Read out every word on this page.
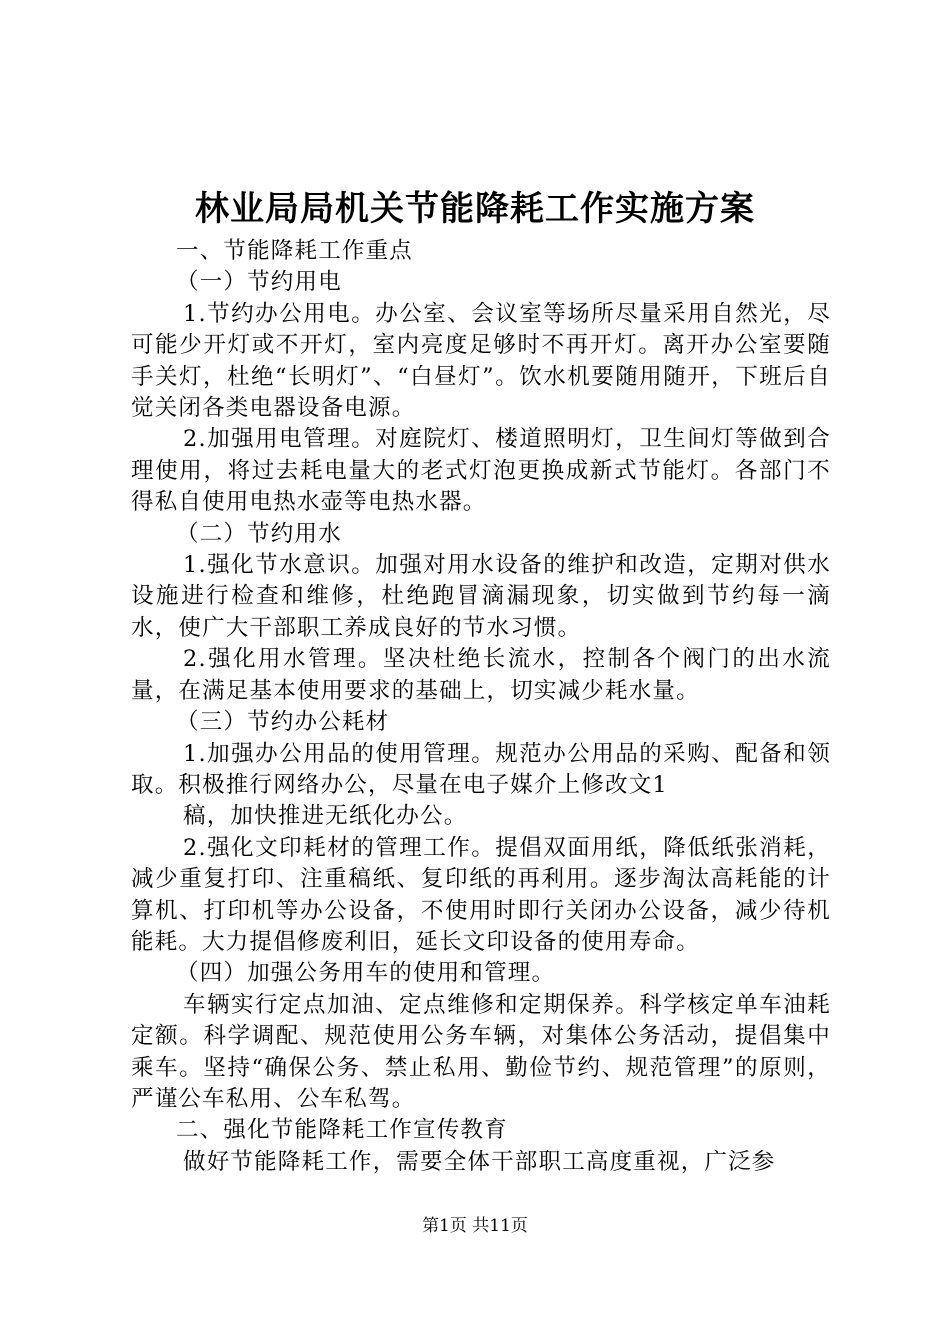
林业局局机关节能降耗工作实施方案

一、节能降耗工作重点

（一）节约用电

1.节约办公用电。办公室、会议室等场所尽量采用自然光，尽可能少开灯或不开灯，室内亮度足够时不再开灯。离开办公室要随手关灯，杜绝“长明灯”、“白昼灯”。饮水机要随用随开，下班后自觉关闭各类电器设备电源。

2.加强用电管理。对庭院灯、楼道照明灯，卫生间灯等做到合理使用，将过去耗电量大的老式灯泡更换成新式节能灯。各部门不得私自使用电热水壶等电热水器。

（二）节约用水

1.强化节水意识。加强对用水设备的维护和改造，定期对供水设施进行检查和维修，杜绝跑冒滴漏现象，切实做到节约每一滴水，使广大干部职工养成良好的节水习惯。

2.强化用水管理。坚决杜绝长流水，控制各个阀门的出水流量，在满足基本使用要求的基础上，切实减少耗水量。

（三）节约办公耗材

1.加强办公用品的使用管理。规范办公用品的采购、配备和领取。积极推行网络办公，尽量在电子媒介上修改文1

稿，加快推进无纸化办公。

2.强化文印耗材的管理工作。提倡双面用纸，降低纸张消耗，减少重复打印、注重稿纸、复印纸的再利用。逐步淘汰高耗能的计算机、打印机等办公设备，不使用时即行关闭办公设备，减少待机能耗。大力提倡修废利旧，延长文印设备的使用寿命。

（四）加强公务用车的使用和管理。

车辆实行定点加油、定点维修和定期保养。科学核定单车油耗定额。科学调配、规范使用公务车辆，对集体公务活动，提倡集中乘车。坚持“确保公务、禁止私用、勤俭节约、规范管理”的原则，严谨公车私用、公车私驾。

二、强化节能降耗工作宣传教育

做好节能降耗工作，需要全体干部职工高度重视，广泛参

第1页 共11页
